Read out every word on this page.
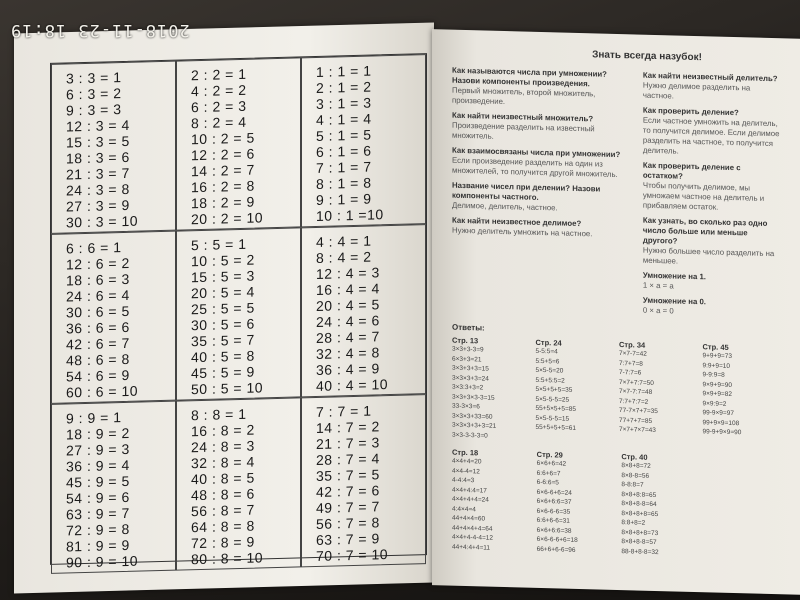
3 : 3 = 1
6 : 3 = 2
9 : 3 = 3
12 : 3 = 4
15 : 3 = 5
18 : 3 = 6
21 : 3 = 7
24 : 3 = 8
27 : 3 = 9
30 : 3 = 10
2 : 2 = 1
4 : 2 = 2
6 : 2 = 3
8 : 2 = 4
10 : 2 = 5
12 : 2 = 6
14 : 2 = 7
16 : 2 = 8
18 : 2 = 9
20 : 2 = 10
1 : 1 = 1
2 : 1 = 2
3 : 1 = 3
4 : 1 = 4
5 : 1 = 5
6 : 1 = 6
7 : 1 = 7
8 : 1 = 8
9 : 1 = 9
10 : 1 =10
6 : 6 = 1
12 : 6 = 2
18 : 6 = 3
24 : 6 = 4
30 : 6 = 5
36 : 6 = 6
42 : 6 = 7
48 : 6 = 8
54 : 6 = 9
60 : 6 = 10
5 : 5 = 1
10 : 5 = 2
15 : 5 = 3
20 : 5 = 4
25 : 5 = 5
30 : 5 = 6
35 : 5 = 7
40 : 5 = 8
45 : 5 = 9
50 : 5 = 10
4 : 4 = 1
8 : 4 = 2
12 : 4 = 3
16 : 4 = 4
20 : 4 = 5
24 : 4 = 6
28 : 4 = 7
32 : 4 = 8
36 : 4 = 9
40 : 4 = 10
9 : 9 = 1
18 : 9 = 2
27 : 9 = 3
36 : 9 = 4
45 : 9 = 5
54 : 9 = 6
63 : 9 = 7
72 : 9 = 8
81 : 9 = 9
90 : 9 = 10
8 : 8 = 1
16 : 8 = 2
24 : 8 = 3
32 : 8 = 4
40 : 8 = 5
48 : 8 = 6
56 : 8 = 7
64 : 8 = 8
72 : 8 = 9
80 : 8 = 10
7 : 7 = 1
14 : 7 = 2
21 : 7 = 3
28 : 7 = 4
35 : 7 = 5
42 : 7 = 6
49 : 7 = 7
56 : 7 = 8
63 : 7 = 9
70 : 7 = 10
2018-11-23 18:19
Знать всегда назубок!
Как называются числа при умножении? Назови компоненты произведения.
Первый множитель, второй множитель, произведение.
Как найти неизвестный множитель?
Произведение разделить на известный множитель.
Как взаимосвязаны числа при умножении?
Если произведение разделить на один из множителей, то получится другой множитель.
Название чисел при делении? Назови компоненты частного.
Делимое, делитель, частное.
Как найти неизвестное делимое?
Нужно делитель умножить на частное.
Как найти неизвестный делитель?
Нужно делимое разделить на частное.
Как проверить деление?
Если частное умножить на делитель, то получится делимое. Если делимое разделить на частное, то получится делитель.
Как проверить деление с остатком?
Чтобы получить делимое, мы умножаем частное на делитель и прибавляем остаток.
Как узнать, во сколько раз одно число больше или меньше другого?
Нужно большее число разделить на меньшее.
Умножение на 1.
1 × а = а
Умножение на 0.
0 × а = 0
Ответы:
Стр. 13
3×3+3-3=9
6×3+3=21
3×3+3+3=15
3×3×3+3=24
3×3:3+3=2
3×3+3×3-3=15
33-3×3=6
3×3×3+33=60
3×3×3+3+3=21
3×3-3-3-3=0
Стр. 24
5-5:5=4
5:5+5=6
5×5-5=20
5:5+5:5=2
5×5+5+5=35
5×5-5-5=25
55+5×5+5=85
5×5-5-5=15
55+5+5+5=61
Стр. 34
7×7-7=42
7:7+7=8
7-7:7=6
7×7+7:7=50
7×7-7:7=48
7:7+7:7=2
77-7×7+7=35
77+7+7=85
7×7+7×7=43
Стр. 45
9+9+9=73
9:9+9=10
9-9:9=8
9×9+9=90
9×9+9=82
9×9:9=2
99-9×9=97
99+9×9=108
99-9+9×9=90
Стр. 18
4×4+4=20
4×4-4=12
4-4:4=3
4×4+4:4=17
4×4+4+4=24
4:4×4=4
44+4×4=60
44+4×4+4=64
4×4+4-4-4=12
44+4:4+4=11
Стр. 29
6×6+6=42
6:6+6=7
6-6:6=5
6×6-6+6=24
6×6+6:6=37
6×6-6-6=35
6:6+6-6=31
6×6+6:6=38
6×6-6-6+6=18
66+6+6-6=96
Стр. 40
8×8+8=72
8×8-8=56
8-8:8=7
8×8+8:8=65
8×8+8-8=64
8×8+8+8=65
8:8+8=2
8×8+8+8=73
8×8+8-8=57
88-8+8-8=32
